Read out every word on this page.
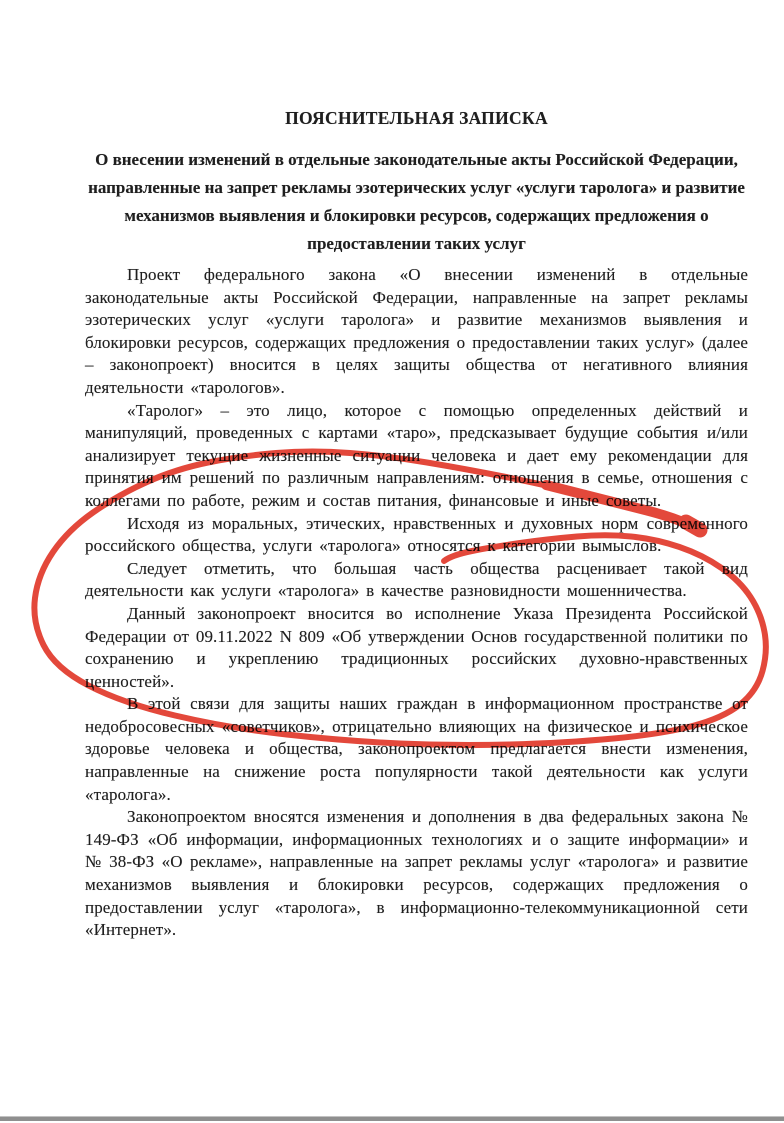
ПОЯСНИТЕЛЬНАЯ ЗАПИСКА
О внесении изменений в отдельные законодательные акты Российской Федерации, направленные на запрет рекламы эзотерических услуг «услуги таролога» и развитие механизмов выявления и блокировки ресурсов, содержащих предложения о предоставлении таких услуг

Проект федерального закона «О внесении изменений в отдельные законодательные акты Российской Федерации, направленные на запрет рекламы эзотерических услуг «услуги таролога» и развитие механизмов выявления и блокировки ресурсов, содержащих предложения о предоставлении таких услуг» (далее – законопроект) вносится в целях защиты общества от негативного влияния деятельности «тарологов».

«Таролог» – это лицо, которое с помощью определенных действий и манипуляций, проведенных с картами «таро», предсказывает будущие события и/или анализирует текущие жизненные ситуации человека и дает ему рекомендации для принятия им решений по различным направлениям: отношения в семье, отношения с коллегами по работе, режим и состав питания, финансовые и иные советы.

Исходя из моральных, этических, нравственных и духовных норм современного российского общества, услуги «таролога» относятся к категории вымыслов.

Следует отметить, что большая часть общества расценивает такой вид деятельности как услуги «таролога» в качестве разновидности мошенничества.

Данный законопроект вносится во исполнение Указа Президента Российской Федерации от 09.11.2022 N 809 «Об утверждении Основ государственной политики по сохранению и укреплению традиционных российских духовно-нравственных ценностей».

В этой связи для защиты наших граждан в информационном пространстве от недобросовесных «советчиков», отрицательно влияющих на физическое и психическое здоровье человека и общества, законопроектом предлагается внести изменения, направленные на снижение роста популярности такой деятельности как услуги «таролога».

Законопроектом вносятся изменения и дополнения в два федеральных закона № 149-ФЗ «Об информации, информационных технологиях и о защите информации» и № 38-ФЗ «О рекламе», направленные на запрет рекламы услуг «таролога» и развитие механизмов выявления и блокировки ресурсов, содержащих предложения о предоставлении услуг «таролога», в информационно-телекоммуникационной сети «Интернет».
